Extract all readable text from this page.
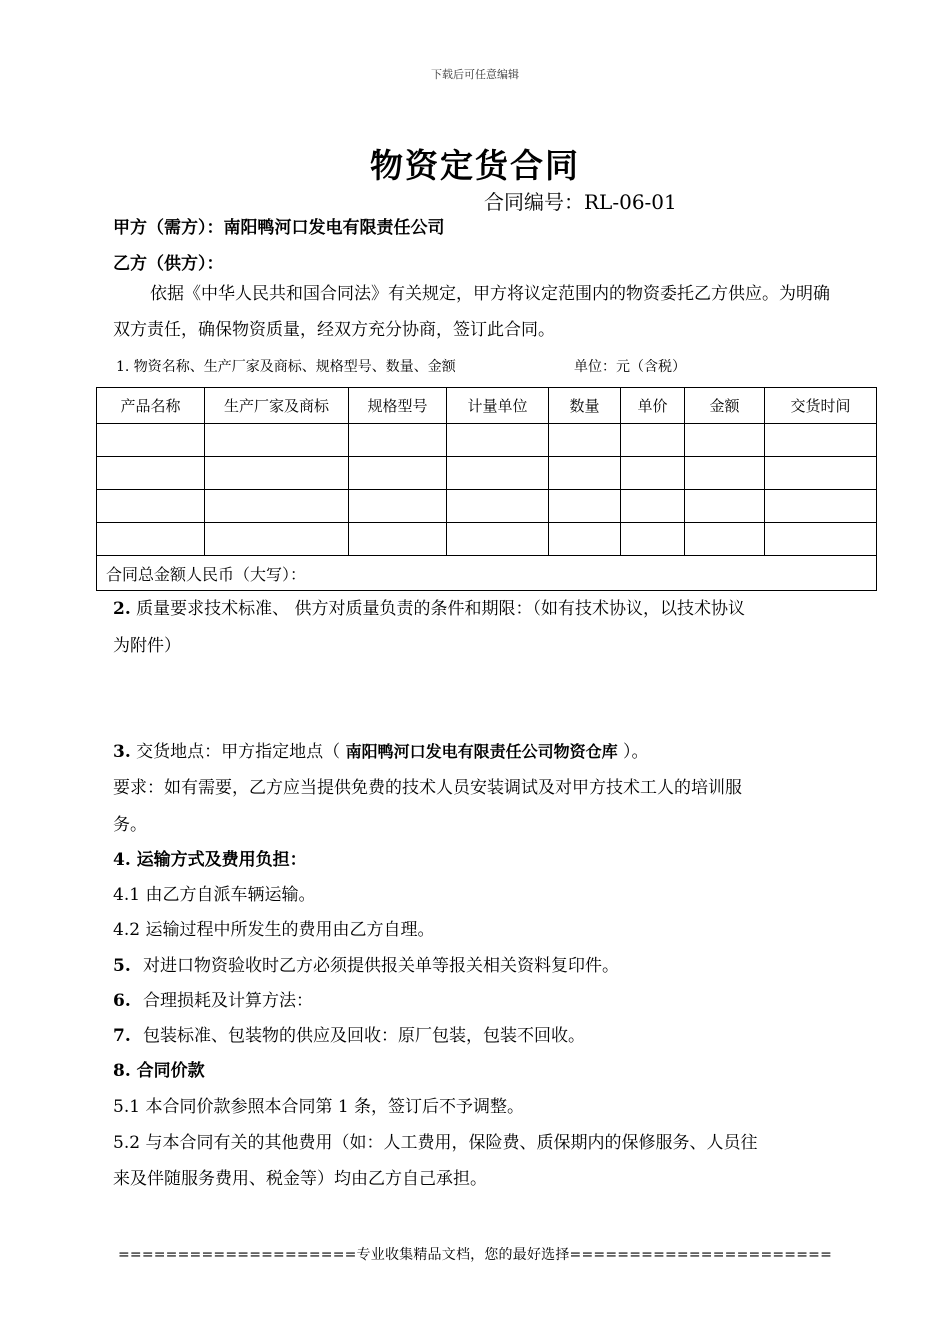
下载后可任意编辑
物资定货合同
合同编号：RL-06-01
甲方（需方）：南阳鸭河口发电有限责任公司
乙方（供方）：
依据《中华人民共和国合同法》有关规定，甲方将议定范围内的物资委托乙方供应。为明确双方责任，确保物资质量，经双方充分协商，签订此合同。
1. 物资名称、生产厂家及商标、规格型号、数量、金额	单位：元（含税）
产品名称	生产厂家及商标	规格型号	计量单位	数量	单价	金额	交货时间

合同总金额人民币（大写）：							
2. 质量要求技术标准、 供方对质量负责的条件和期限：（如有技术协议，以技术协议
为附件）
3. 交货地点：甲方指定地点（ 南阳鸭河口发电有限责任公司物资仓库 ）。
要求：如有需要，乙方应当提供免费的技术人员安装调试及对甲方技术工人的培训服
务。
4. 运输方式及费用负担：
4.1 由乙方自派车辆运输。
4.2 运输过程中所发生的费用由乙方自理。
5. 对进口物资验收时乙方必须提供报关单等报关相关资料复印件。
6. 合理损耗及计算方法：
7. 包装标准、包装物的供应及回收：原厂包装，包装不回收。
8. 合同价款
5.1 本合同价款参照本合同第 1 条，签订后不予调整。
5.2 与本合同有关的其他费用（如：人工费用，保险费、质保期内的保修服务、人员往
来及伴随服务费用、税金等）均由乙方自己承担。
====================专业收集精品文档，您的最好选择======================
